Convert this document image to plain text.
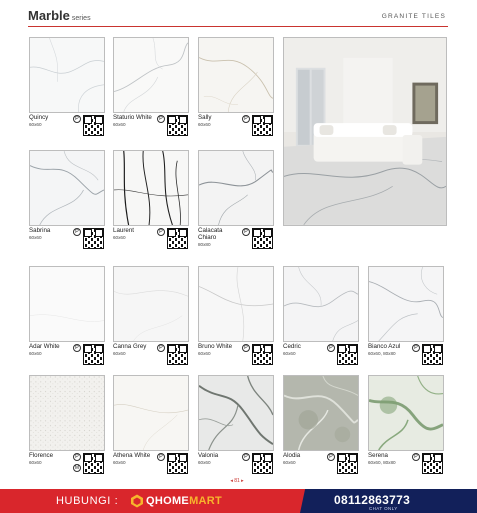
Marble series	GRANITE TILES
Quincy
60x60
P	Staturio White
60x60
P	Sally
60x60
P
Sabrina
60x60
P	Laurent
60x60
P	Calacata Chiaro
80x80
P
Adar White
60x60
P	Canna Grey
60x60
P	Bruno White
60x60
P	Cedric
60x60
P	Bianco Azul
60x60, 80x80
P
Florence
60x60
P
M
Athena White
60x60
P	Valonia
60x60
P	Alodia
60x60
P	Serena
60x60, 80x80
P
◂ 81 ▸
HUBUNGI :	QHOMEMART	08112863773
CHAT ONLY
